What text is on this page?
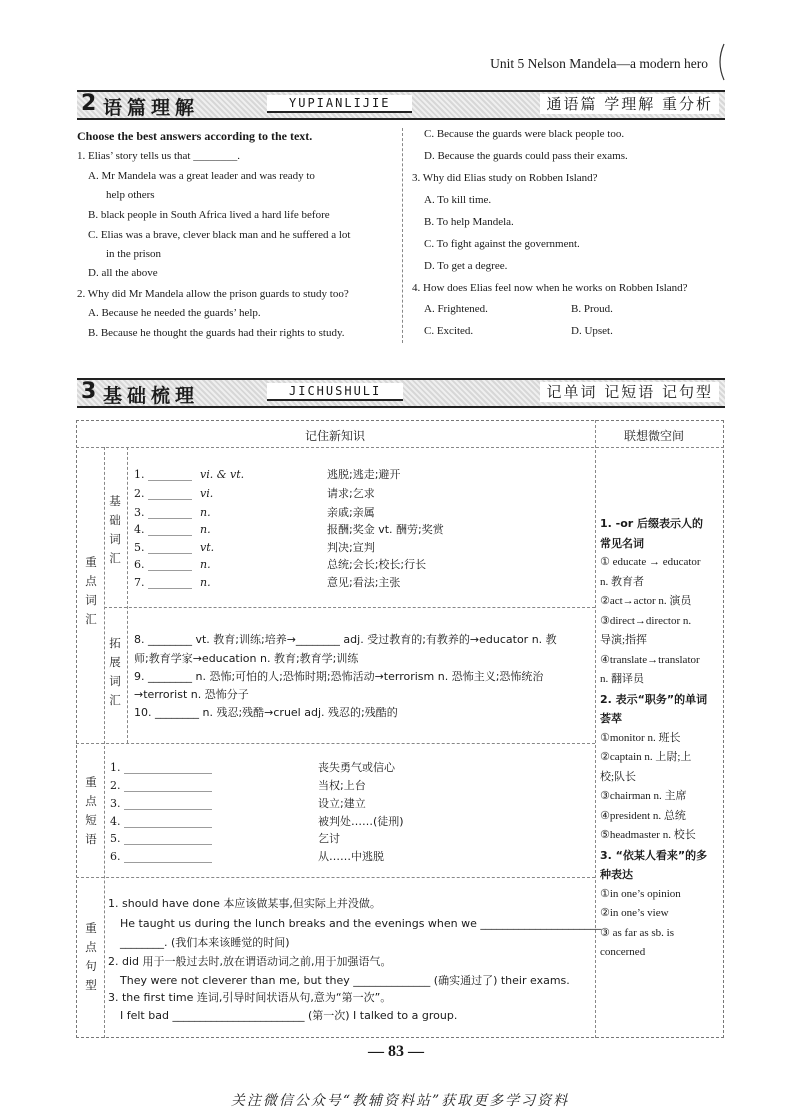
Unit 5 Nelson Mandela—a modern hero
2 语篇理解	YUPIANLIJIE	通语篇 学理解 重分析
Choose the best answers according to the text.
1. Elias’ story tells us that ________.
A. Mr Mandela was a great leader and was ready to
help others
B. black people in South Africa lived a hard life before
C. Elias was a brave, clever black man and he suffered a lot
in the prison
D. all the above
2. Why did Mr Mandela allow the prison guards to study too?
A. Because he needed the guards’ help.
B. Because he thought the guards had their rights to study.
C. Because the guards were black people too.
D. Because the guards could pass their exams.
3. Why did Elias study on Robben Island?
A. To kill time.
B. To help Mandela.
C. To fight against the government.
D. To get a degree.
4. How does Elias feel now when he works on Robben Island?
A. Frightened.	B. Proud.
C. Excited.	D. Upset.
3 基础梳理	JICHUSHULI	记单词 记短语 记句型
记住新知识	联想微空间
重点词汇
基础词汇
拓展词汇
重点短语
重点句型
1. ________ vi. & vt.	逃脱;逃走;避开
2. ________ vi.	请求;乞求
3. ________ n.	亲戚;亲属
4. ________ n.	报酬;奖金 vt. 酬劳;奖赏
5. ________ vt.	判决;宣判
6. ________ n.	总统;会长;校长;行长
7. ________ n.	意见;看法;主张
8. ________ vt. 教育;训练;培养→________ adj. 受过教育的;有教养的→educator n. 教
师;教育学家→education n. 教育;教育学;训练
9. ________ n. 恐怖;可怕的人;恐怖时期;恐怖活动→terrorism n. 恐怖主义;恐怖统治
→terrorist n. 恐怖分子
10. ________ n. 残忍;残酷→cruel adj. 残忍的;残酷的
1. ________________	丧失勇气或信心
2. ________________	当权;上台
3. ________________	设立;建立
4. ________________	被判处……(徒刑)
5. ________________	乞讨
6. ________________	从……中逃脱
1. should have done 本应该做某事,但实际上并没做。
He taught us during the lunch breaks and the evenings when we ______________________
________. (我们本来该睡觉的时间)
2. did 用于一般过去时,放在谓语动词之前,用于加强语气。
They were not cleverer than me, but they ______________ (确实通过了) their exams.
3. the first time 连词,引导时间状语从句,意为“第一次”。
I felt bad ________________________ (第一次) I talked to a group.
1. -or 后缀表示人的
常见名词
① educate → educator
n. 教育者
②act→actor n. 演员
③direct→director n.
导演;指挥
④translate→translator
n. 翻译员
2. 表示“职务”的单词
荟萃
①monitor n. 班长
②captain n. 上尉;上
校;队长
③chairman n. 主席
④president n. 总统
⑤headmaster n. 校长
3. “依某人看来”的多
种表达
①in one’s opinion
②in one’s view
③ as far as sb. is
concerned
— 83 —
关注微信公众号“教辅资料站”获取更多学习资料
